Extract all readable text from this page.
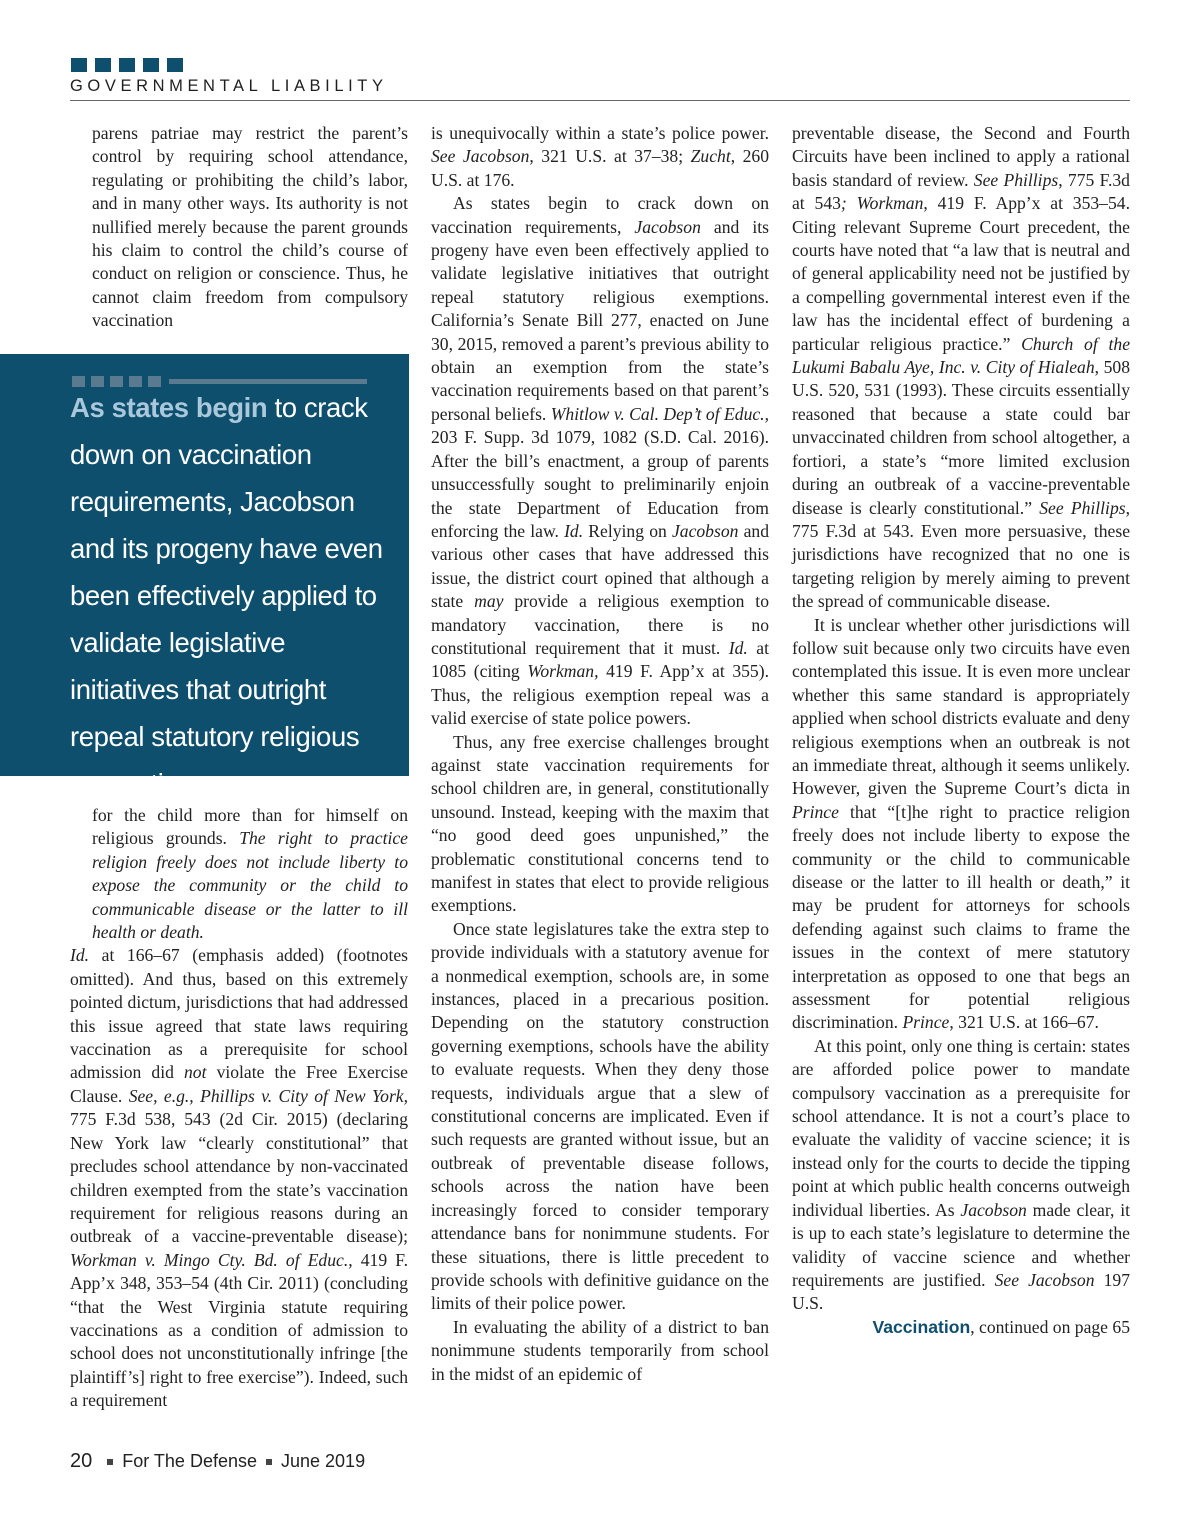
GOVERNMENTAL LIABILITY

parens patriae may restrict the parent’s control by requiring school attendance, regulating or prohibiting the child’s labor, and in many other ways. Its authority is not nullified merely because the parent grounds his claim to control the child’s course of conduct on religion or conscience. Thus, he cannot claim freedom from compulsory vaccination

As states begin to crack down on vaccination requirements, Jacobson and its progeny have even been effectively applied to validate legislative initiatives that outright repeal statutory religious exemptions.

for the child more than for himself on religious grounds. The right to practice religion freely does not include liberty to expose the community or the child to communicable disease or the latter to ill health or death.

Id. at 166–67 (emphasis added) (footnotes omitted). And thus, based on this extremely pointed dictum, jurisdictions that had addressed this issue agreed that state laws requiring vaccination as a prerequisite for school admission did not violate the Free Exercise Clause. See, e.g., Phillips v. City of New York, 775 F.3d 538, 543 (2d Cir. 2015) (declaring New York law “clearly constitutional” that precludes school attendance by non-vaccinated children exempted from the state’s vaccination requirement for religious reasons during an outbreak of a vaccine-preventable disease); Workman v. Mingo Cty. Bd. of Educ., 419 F. App’x 348, 353–54 (4th Cir. 2011) (concluding “that the West Virginia statute requiring vaccinations as a condition of admission to school does not unconstitutionally infringe [the plaintiff’s] right to free exercise”). Indeed, such a requirement

is unequivocally within a state’s police power. See Jacobson, 321 U.S. at 37–38; Zucht, 260 U.S. at 176.

As states begin to crack down on vaccination requirements, Jacobson and its progeny have even been effectively applied to validate legislative initiatives that outright repeal statutory religious exemptions. California’s Senate Bill 277, enacted on June 30, 2015, removed a parent’s previous ability to obtain an exemption from the state’s vaccination requirements based on that parent’s personal beliefs. Whitlow v. Cal. Dep’t of Educ., 203 F. Supp. 3d 1079, 1082 (S.D. Cal. 2016). After the bill’s enactment, a group of parents unsuccessfully sought to preliminarily enjoin the state Department of Education from enforcing the law. Id. Relying on Jacobson and various other cases that have addressed this issue, the district court opined that although a state may provide a religious exemption to mandatory vaccination, there is no constitutional requirement that it must. Id. at 1085 (citing Workman, 419 F. App’x at 355). Thus, the religious exemption repeal was a valid exercise of state police powers.

Thus, any free exercise challenges brought against state vaccination requirements for school children are, in general, constitutionally unsound. Instead, keeping with the maxim that “no good deed goes unpunished,” the problematic constitutional concerns tend to manifest in states that elect to provide religious exemptions.

Once state legislatures take the extra step to provide individuals with a statutory avenue for a nonmedical exemption, schools are, in some instances, placed in a precarious position. Depending on the statutory construction governing exemptions, schools have the ability to evaluate requests. When they deny those requests, individuals argue that a slew of constitutional concerns are implicated. Even if such requests are granted without issue, but an outbreak of preventable disease follows, schools across the nation have been increasingly forced to consider temporary attendance bans for nonimmune students. For these situations, there is little precedent to provide schools with definitive guidance on the limits of their police power.

In evaluating the ability of a district to ban nonimmune students temporarily from school in the midst of an epidemic of

preventable disease, the Second and Fourth Circuits have been inclined to apply a rational basis standard of review. See Phillips, 775 F.3d at 543; Workman, 419 F. App’x at 353–54. Citing relevant Supreme Court precedent, the courts have noted that “a law that is neutral and of general applicability need not be justified by a compelling governmental interest even if the law has the incidental effect of burdening a particular religious practice.” Church of the Lukumi Babalu Aye, Inc. v. City of Hialeah, 508 U.S. 520, 531 (1993). These circuits essentially reasoned that because a state could bar unvaccinated children from school altogether, a fortiori, a state’s “more limited exclusion during an outbreak of a vaccine-preventable disease is clearly constitutional.” See Phillips, 775 F.3d at 543. Even more persuasive, these jurisdictions have recognized that no one is targeting religion by merely aiming to prevent the spread of communicable disease.

It is unclear whether other jurisdictions will follow suit because only two circuits have even contemplated this issue. It is even more unclear whether this same standard is appropriately applied when school districts evaluate and deny religious exemptions when an outbreak is not an immediate threat, although it seems unlikely. However, given the Supreme Court’s dicta in Prince that “[t]he right to practice religion freely does not include liberty to expose the community or the child to communicable disease or the latter to ill health or death,” it may be prudent for attorneys for schools defending against such claims to frame the issues in the context of mere statutory interpretation as opposed to one that begs an assessment for potential religious discrimination. Prince, 321 U.S. at 166–67.

At this point, only one thing is certain: states are afforded police power to mandate compulsory vaccination as a prerequisite for school attendance. It is not a court’s place to evaluate the validity of vaccine science; it is instead only for the courts to decide the tipping point at which public health concerns outweigh individual liberties. As Jacobson made clear, it is up to each state’s legislature to determine the validity of vaccine science and whether requirements are justified. See Jacobson 197 U.S.

Vaccination, continued on page 65

20 For The Defense June 2019
